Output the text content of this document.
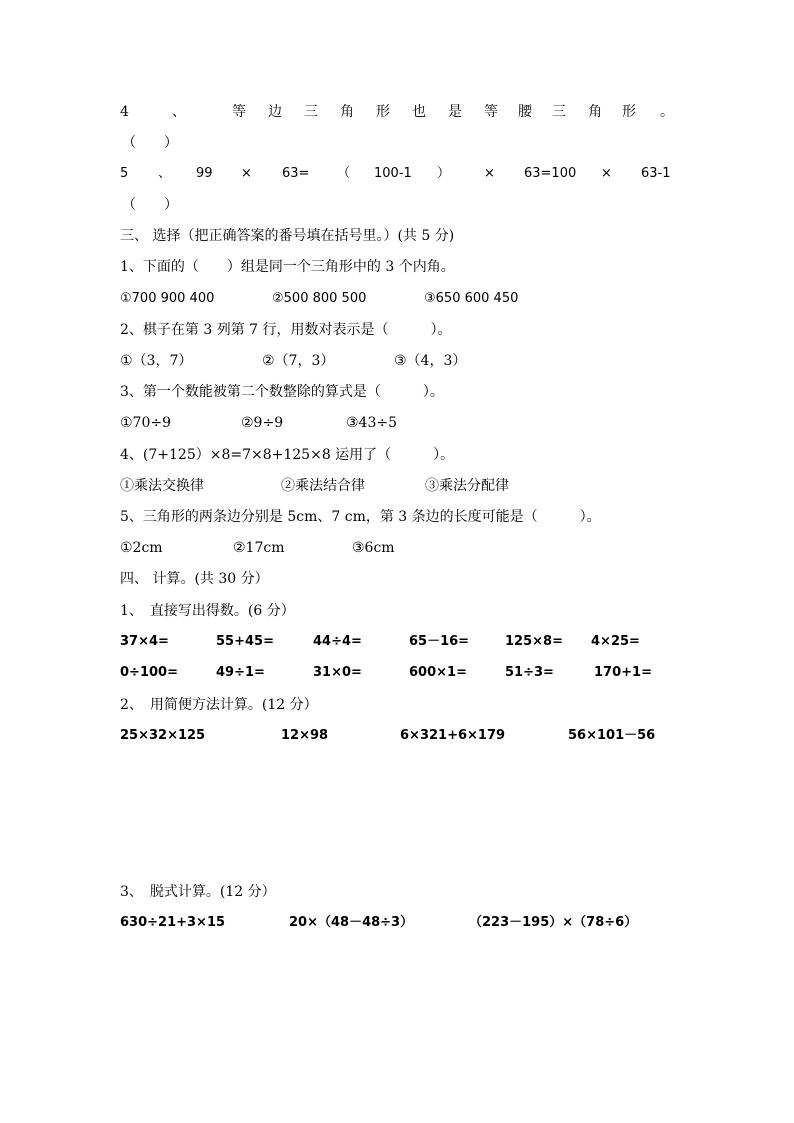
4	、	等 边 三 角 形 也 是 等 腰 三 角 形 。
（　　）
5 、 99 × 63= （ 100-1 ）	× 63=100 × 63-1
（　　）
三、 选择（把正确答案的番号填在括号里。）(共 5 分)
1、下面的（　　）组是同一个三角形中的 3 个内角。
①700 900 400	②500 800 500	③650 600 450
2、棋子在第 3 列第 7 行，用数对表示是（　　　）。
①（3，7）	②（7，3）	③（4，3）
3、第一个数能被第二个数整除的算式是（　　　）。
①70÷9	②9÷9	③43÷5
4、(7+125）×8=7×8+125×8 运用了（　　　）。
①乘法交换律	②乘法结合律	③乘法分配律
5、三角形的两条边分别是 5cm、7 cm，第 3 条边的长度可能是（　　　）。
①2cm	②17cm	③6cm
四、 计算。(共 30 分）
1、　直接写出得数。(6 分）
37×4=	55+45=	44÷4=	65－16=	125×8= 4×25=
0÷100=	49÷1=	31×0=	600×1=	51÷3=	170+1=
2、　用简便方法计算。(12 分）
25×32×125	12×98	6×321+6×179	56×101－56
3、　脱式计算。(12 分）
630÷21+3×15	20×（48－48÷3）	（223－195）×（78÷6）
